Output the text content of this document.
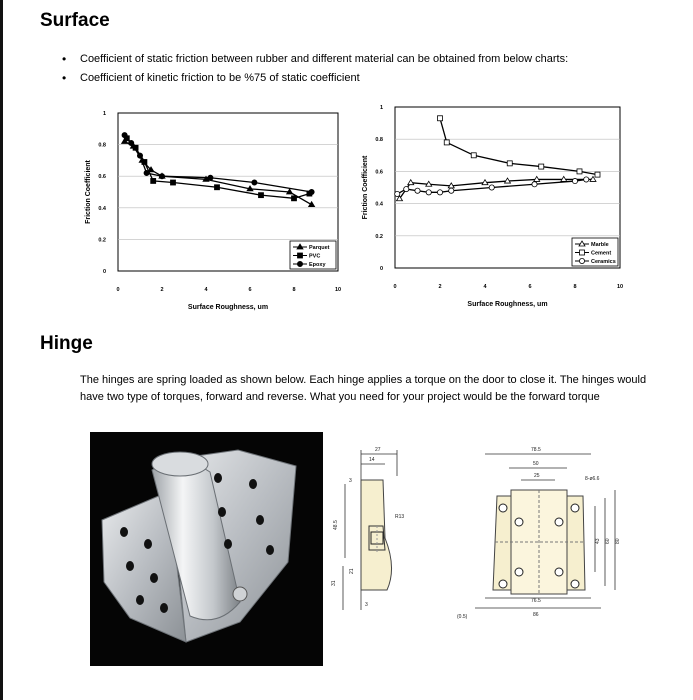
Surface
• Coefficient of static friction between rubber and different material can be obtained from below charts:
• Coefficient of kinetic friction to be %75 of static coefficient
0
0.2
0.4
0.6
0.8
1
0	2	4	6	8	10
Surface Roughness, um
Friction Coefficient
Parquet
PVC
Epoxy
0
0.2
0.4
0.6
0.8
1
0	2	4	6	8	10
Surface Roughness, um
Friction Coefficient
Marble
Cement
Ceramics
Hinge

The hinges are spring loaded as shown below. Each hinge applies a torque on the door to close it. The hinges would have two type of torques, forward and reverse. What you need for your project would be the forward torque

27
14
3
R13
48.5
31
21
3
78.5
50
25	8-ø6.6
43 60 80
76.5
86
(0.5)
